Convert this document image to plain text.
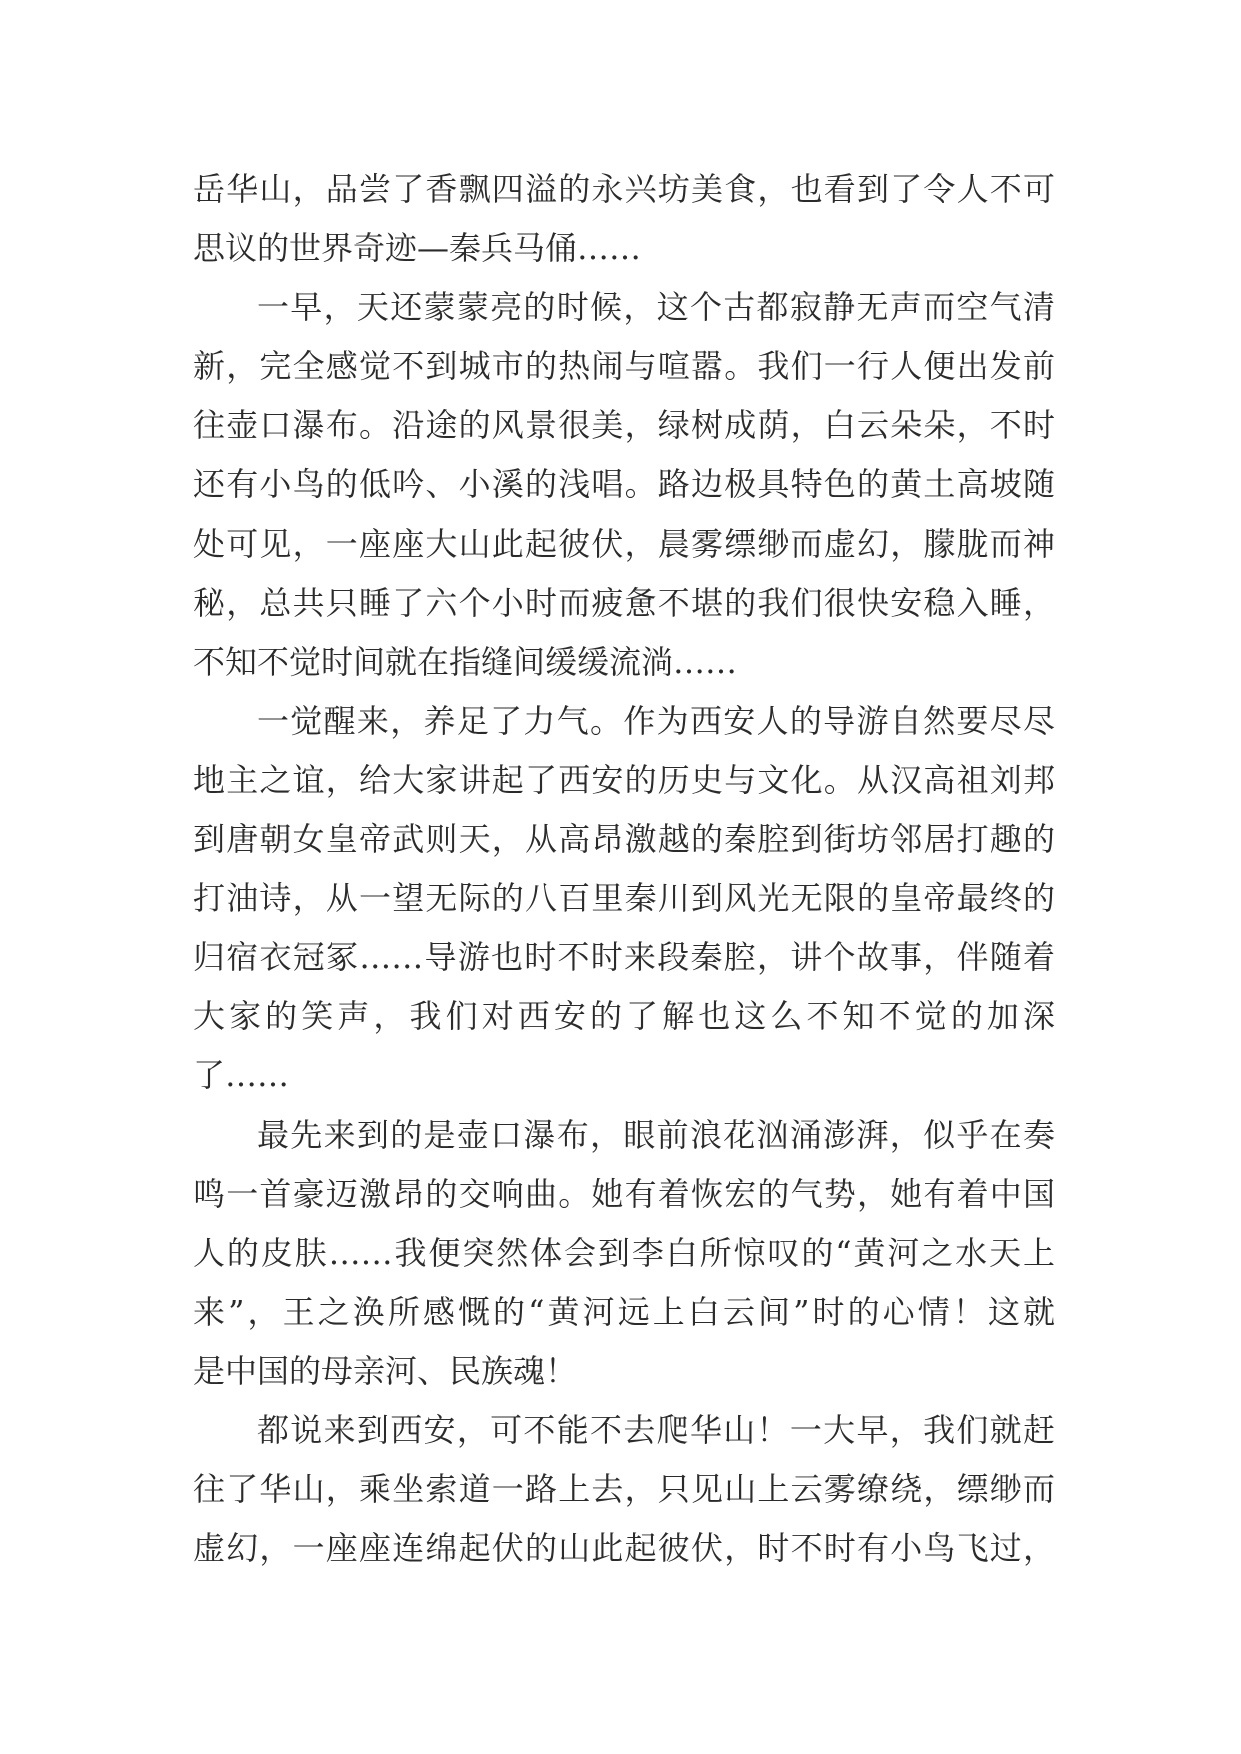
岳华山，品尝了香飘四溢的永兴坊美食，也看到了令人不可
思议的世界奇迹—秦兵马俑……
一早，天还蒙蒙亮的时候，这个古都寂静无声而空气清
新，完全感觉不到城市的热闹与喧嚣。我们一行人便出发前
往壶口瀑布。沿途的风景很美，绿树成荫，白云朵朵，不时
还有小鸟的低吟、小溪的浅唱。路边极具特色的黄土高坡随
处可见，一座座大山此起彼伏，晨雾缥缈而虚幻，朦胧而神
秘，总共只睡了六个小时而疲惫不堪的我们很快安稳入睡，
不知不觉时间就在指缝间缓缓流淌……
一觉醒来，养足了力气。作为西安人的导游自然要尽尽
地主之谊，给大家讲起了西安的历史与文化。从汉高祖刘邦
到唐朝女皇帝武则天，从高昂激越的秦腔到街坊邻居打趣的
打油诗，从一望无际的八百里秦川到风光无限的皇帝最终的
归宿衣冠冢……导游也时不时来段秦腔，讲个故事，伴随着
大家的笑声，我们对西安的了解也这么不知不觉的加深
了……
最先来到的是壶口瀑布，眼前浪花汹涌澎湃，似乎在奏
鸣一首豪迈激昂的交响曲。她有着恢宏的气势，她有着中国
人的皮肤……我便突然体会到李白所惊叹的“黄河之水天上
来”，王之涣所感慨的“黄河远上白云间”时的心情！这就
是中国的母亲河、民族魂！
都说来到西安，可不能不去爬华山！一大早，我们就赶
往了华山，乘坐索道一路上去，只见山上云雾缭绕，缥缈而
虚幻，一座座连绵起伏的山此起彼伏，时不时有小鸟飞过，
